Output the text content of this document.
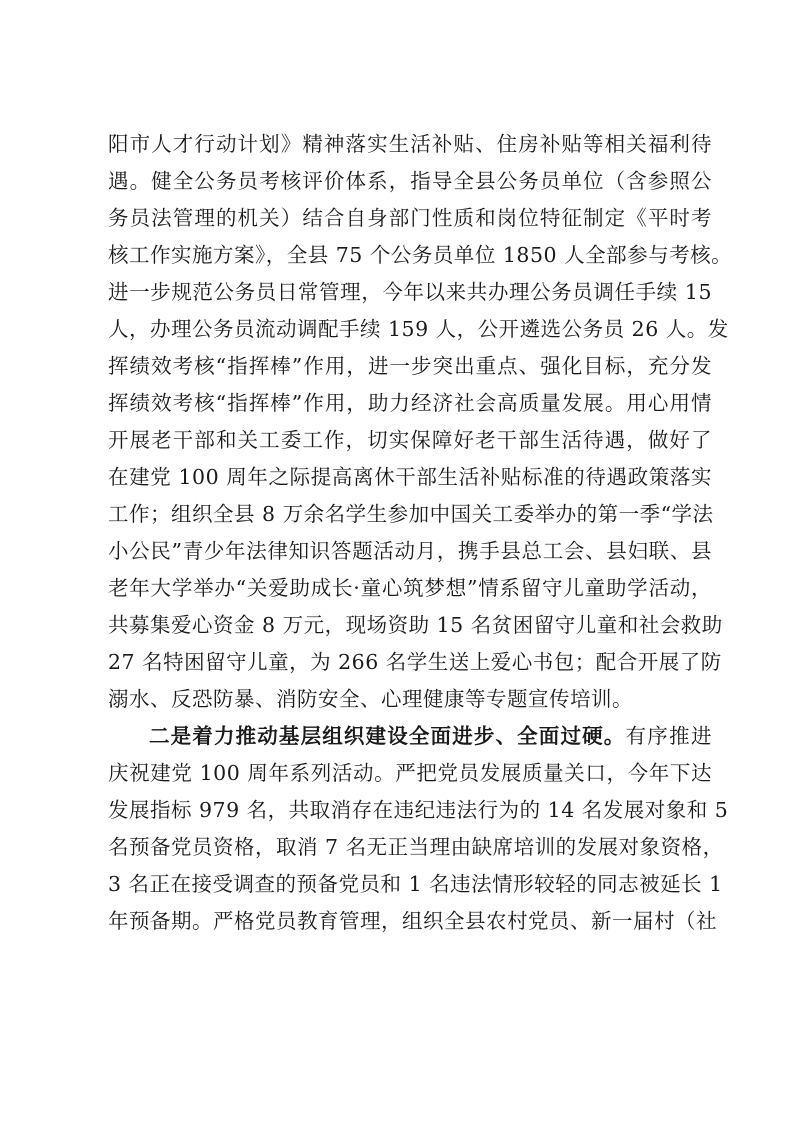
阳市人才行动计划》精神落实生活补贴、住房补贴等相关福利待
遇。健全公务员考核评价体系，指导全县公务员单位（含参照公
务员法管理的机关）结合自身部门性质和岗位特征制定《平时考
核工作实施方案》，全县 75 个公务员单位 1850 人全部参与考核。
进一步规范公务员日常管理，今年以来共办理公务员调任手续 15
人，办理公务员流动调配手续 159 人，公开遴选公务员 26 人。发
挥绩效考核“指挥棒”作用，进一步突出重点、强化目标，充分发
挥绩效考核“指挥棒”作用，助力经济社会高质量发展。用心用情
开展老干部和关工委工作，切实保障好老干部生活待遇，做好了
在建党 100 周年之际提高离休干部生活补贴标准的待遇政策落实
工作；组织全县 8 万余名学生参加中国关工委举办的第一季“学法
小公民”青少年法律知识答题活动月，携手县总工会、县妇联、县
老年大学举办“关爱助成长·童心筑梦想”情系留守儿童助学活动，
共募集爱心资金 8 万元，现场资助 15 名贫困留守儿童和社会救助
27 名特困留守儿童，为 266 名学生送上爱心书包；配合开展了防
溺水、反恐防暴、消防安全、心理健康等专题宣传培训。
二是着力推动基层组织建设全面进步、全面过硬。有序推进
庆祝建党 100 周年系列活动。严把党员发展质量关口，今年下达
发展指标 979 名，共取消存在违纪违法行为的 14 名发展对象和 5
名预备党员资格，取消 7 名无正当理由缺席培训的发展对象资格，
3 名正在接受调查的预备党员和 1 名违法情形较轻的同志被延长 1
年预备期。严格党员教育管理，组织全县农村党员、新一届村（社
